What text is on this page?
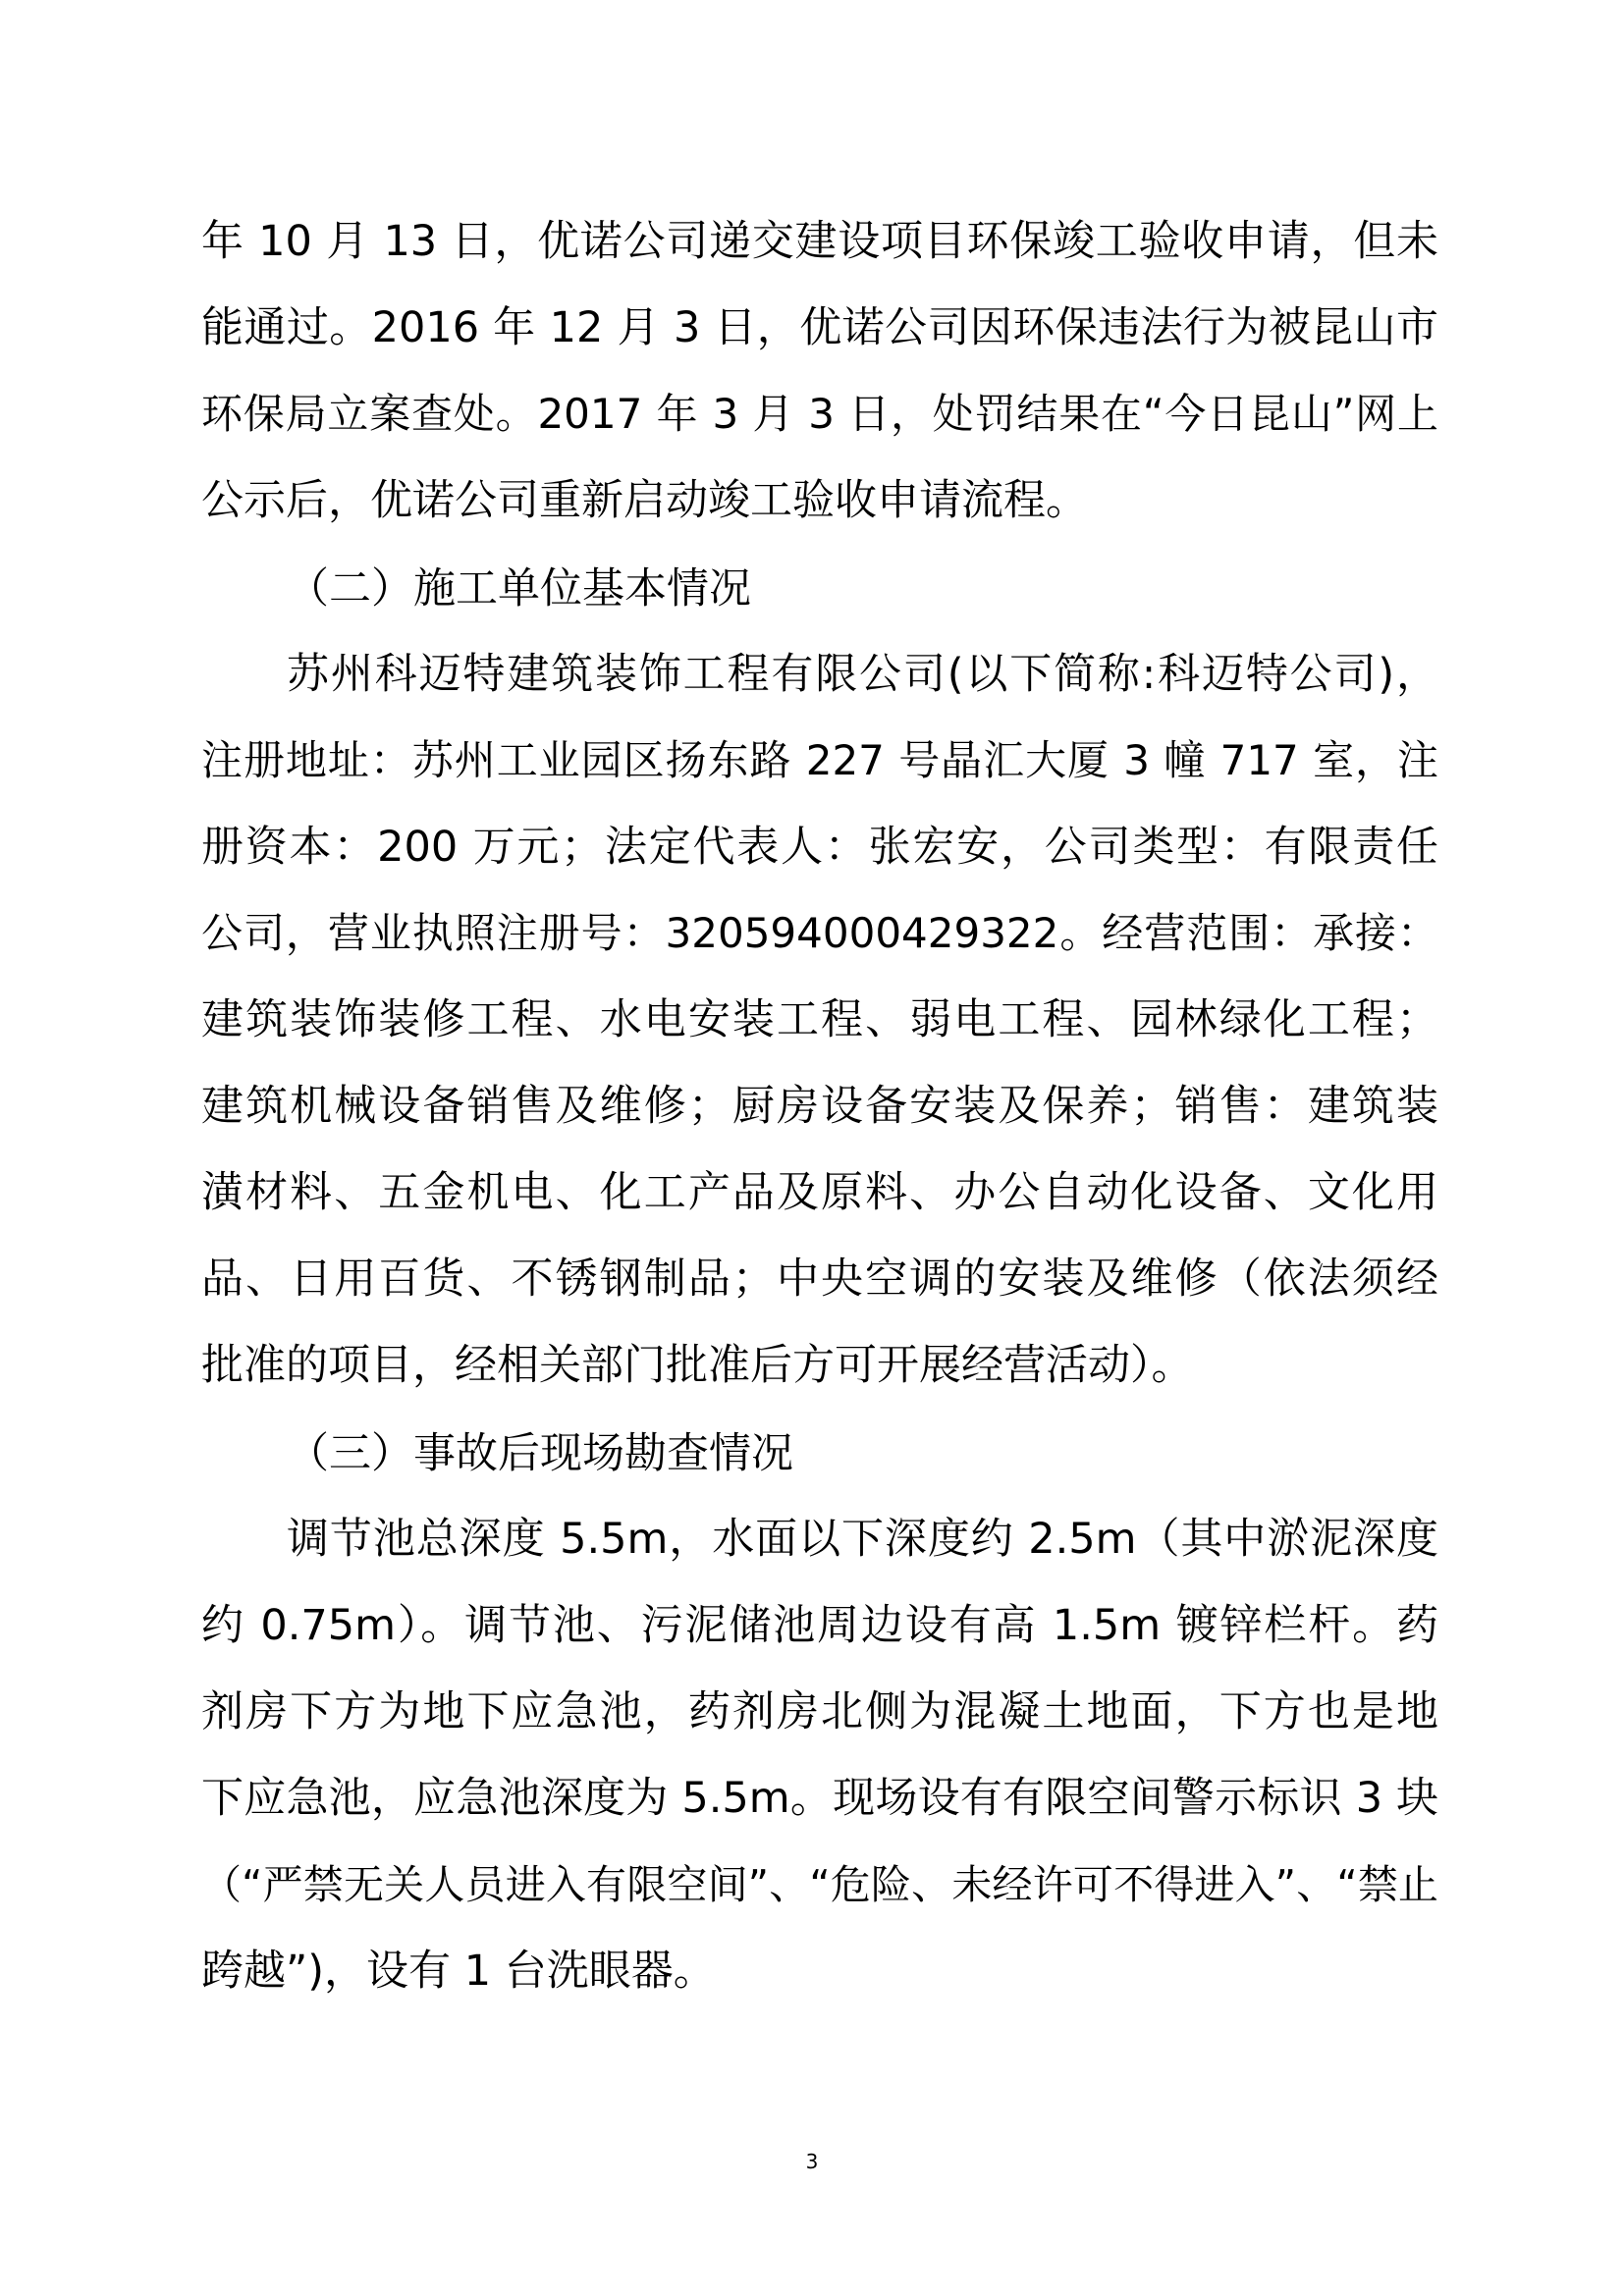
年 10 月 13 日，优诺公司递交建设项目环保竣工验收申请，但未

能通过。2016 年 12 月 3 日，优诺公司因环保违法行为被昆山市

环保局立案查处。2017 年 3 月 3 日，处罚结果在“今日昆山”网上

公示后，优诺公司重新启动竣工验收申请流程。

（二）施工单位基本情况

苏州科迈特建筑装饰工程有限公司(以下简称:科迈特公司)，

注册地址：苏州工业园区扬东路 227 号晶汇大厦 3 幢 717 室，注

册资本：200 万元；法定代表人：张宏安，公司类型：有限责任

公司，营业执照注册号：320594000429322。经营范围：承接：

建筑装饰装修工程、水电安装工程、弱电工程、园林绿化工程；

建筑机械设备销售及维修；厨房设备安装及保养；销售：建筑装

潢材料、五金机电、化工产品及原料、办公自动化设备、文化用

品、日用百货、不锈钢制品；中央空调的安装及维修（依法须经

批准的项目，经相关部门批准后方可开展经营活动）。

（三）事故后现场勘查情况

调节池总深度 5.5m，水面以下深度约 2.5m（其中淤泥深度

约 0.75m）。调节池、污泥储池周边设有高 1.5m 镀锌栏杆。药

剂房下方为地下应急池，药剂房北侧为混凝土地面，下方也是地

下应急池，应急池深度为 5.5m。现场设有有限空间警示标识 3 块

（“严禁无关人员进入有限空间”、“危险、未经许可不得进入”、“禁止

跨越”)，设有 1 台洗眼器。

3
